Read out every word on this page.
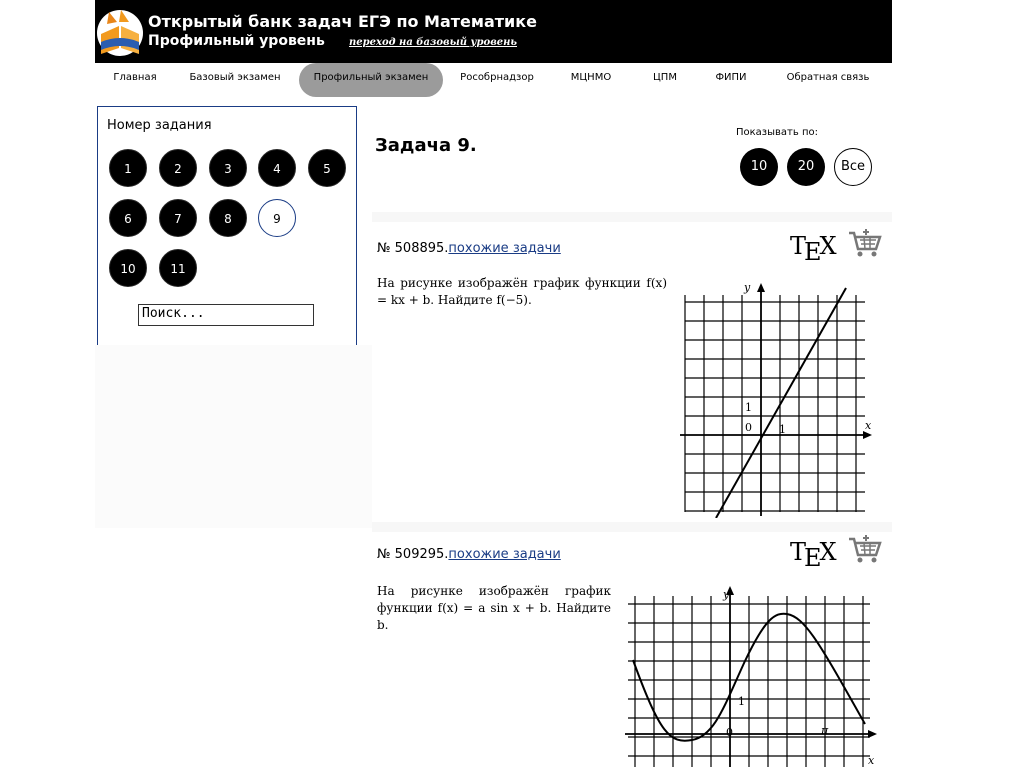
Открытый банк задач ЕГЭ по Математике
Профильный уровень переход на базовый уровень
Главная	Базовый экзамен	Профильный экзамен	Рособрнадзор	МЦНМО	ЦПМ	ФИПИ	Обратная связь
Номер задания
1	2	3	4	5
6	7	8	9
10	11
Поиск...
Задача 9.
Показывать по:
10	20	Все
№ 508895.похожие задачи	TEX
На рисунке изображён график функции f(x) = kx + b. Найдите f(−5).
y
x
0
1
1
№ 509295.похожие задачи	TEX
На рисунке изображён график функции f(x) = a sin x + b. Найдите b.
y
x
0
1
π
